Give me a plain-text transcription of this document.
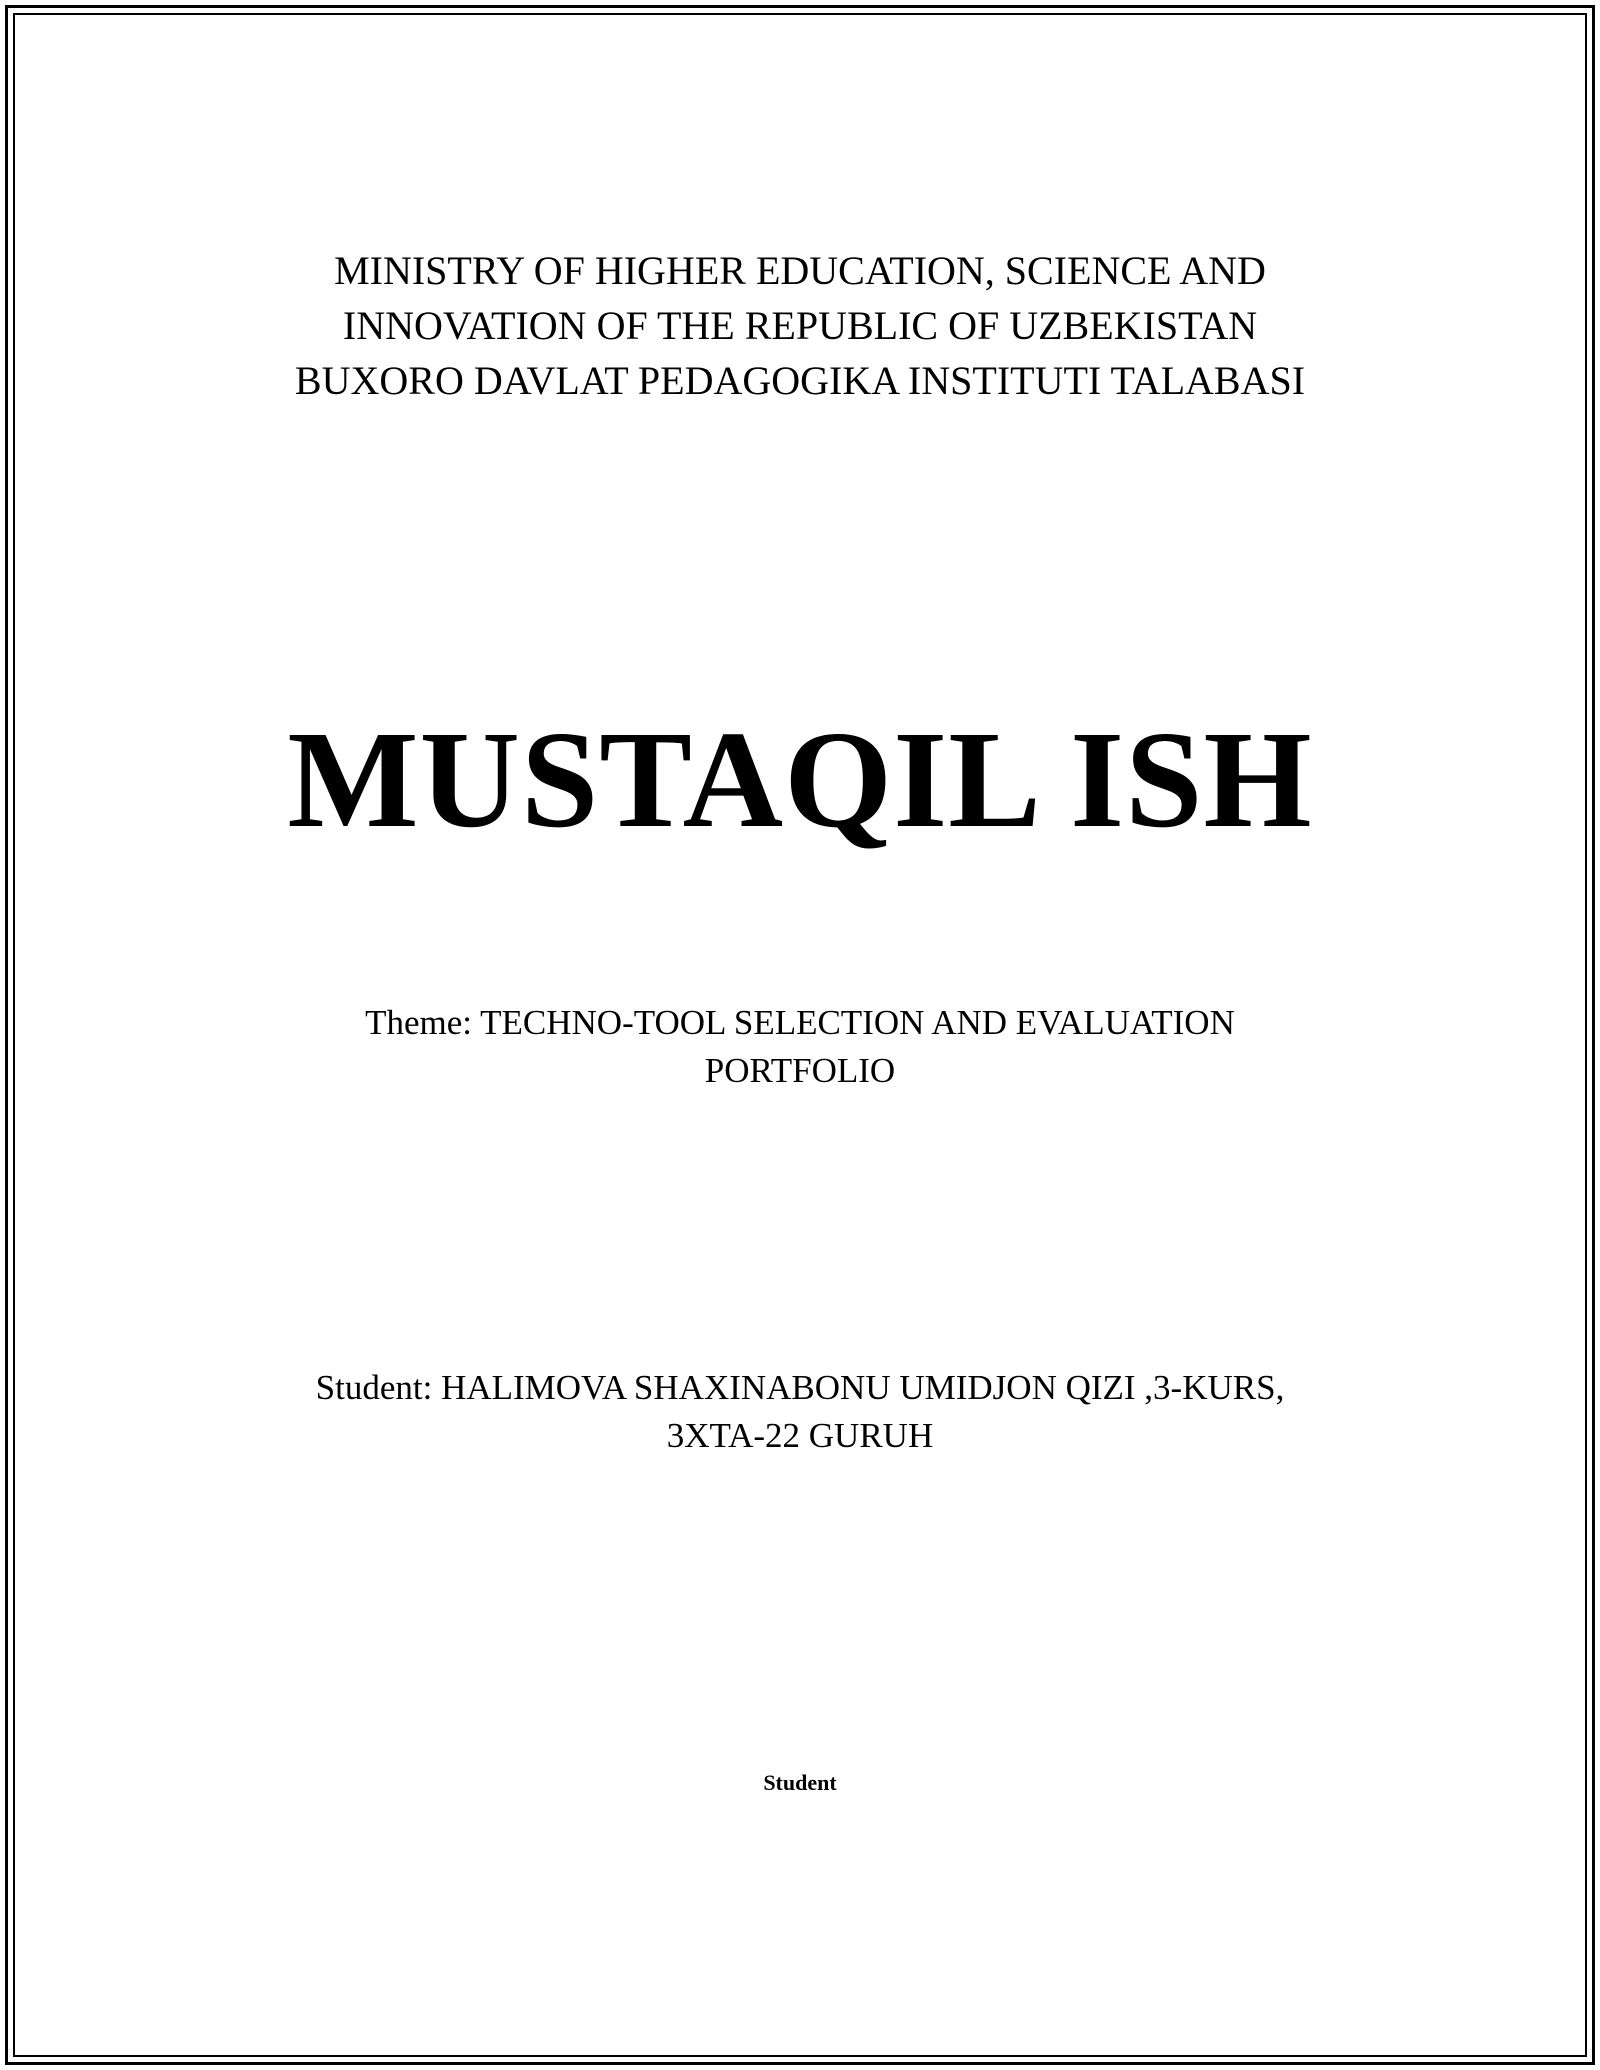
MINISTRY OF HIGHER EDUCATION, SCIENCE AND
INNOVATION OF THE REPUBLIC OF UZBEKISTAN
BUXORO DAVLAT PEDAGOGIKA INSTITUTI TALABASI
MUSTAQIL ISH
Theme: TECHNO-TOOL SELECTION AND EVALUATION
PORTFOLIO
Student: HALIMOVA SHAXINABONU UMIDJON QIZI ,3-KURS,
3XTA-22 GURUH
Student
